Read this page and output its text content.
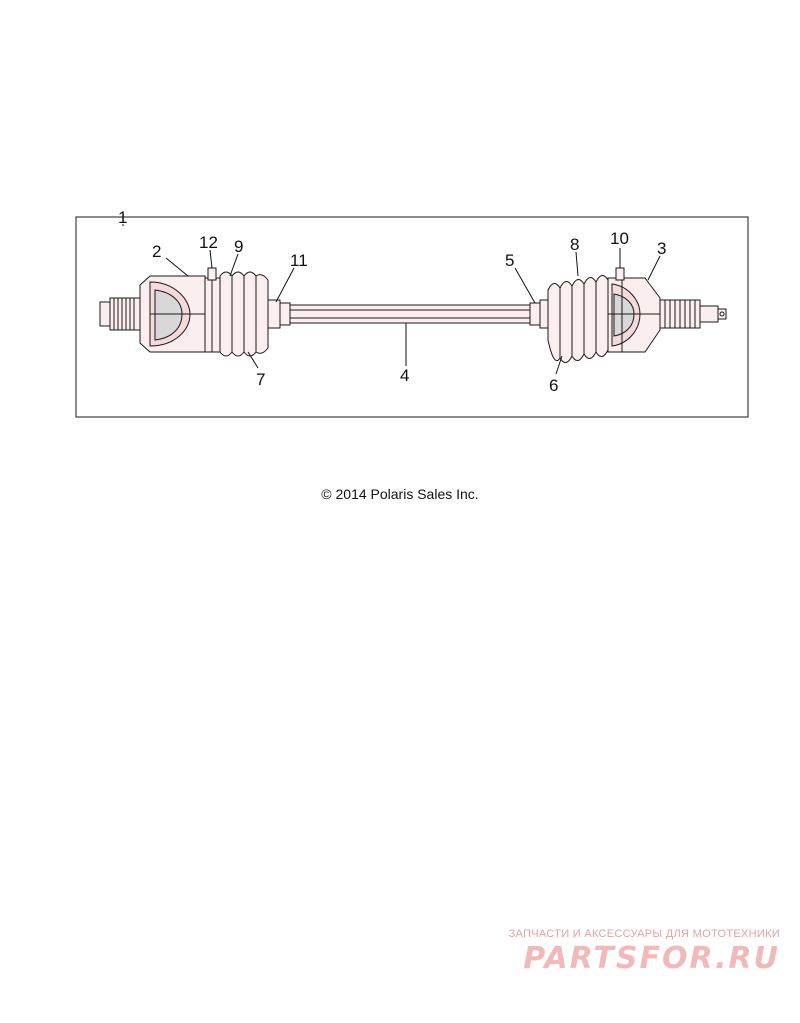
1
2 12 9
11
7	4
5
6
8 10
3
© 2014 Polaris Sales Inc.
ЗАПЧАСТИ И АКСЕССУАРЫ ДЛЯ МОТОТЕХНИКИ
PARTSFOR.RU
